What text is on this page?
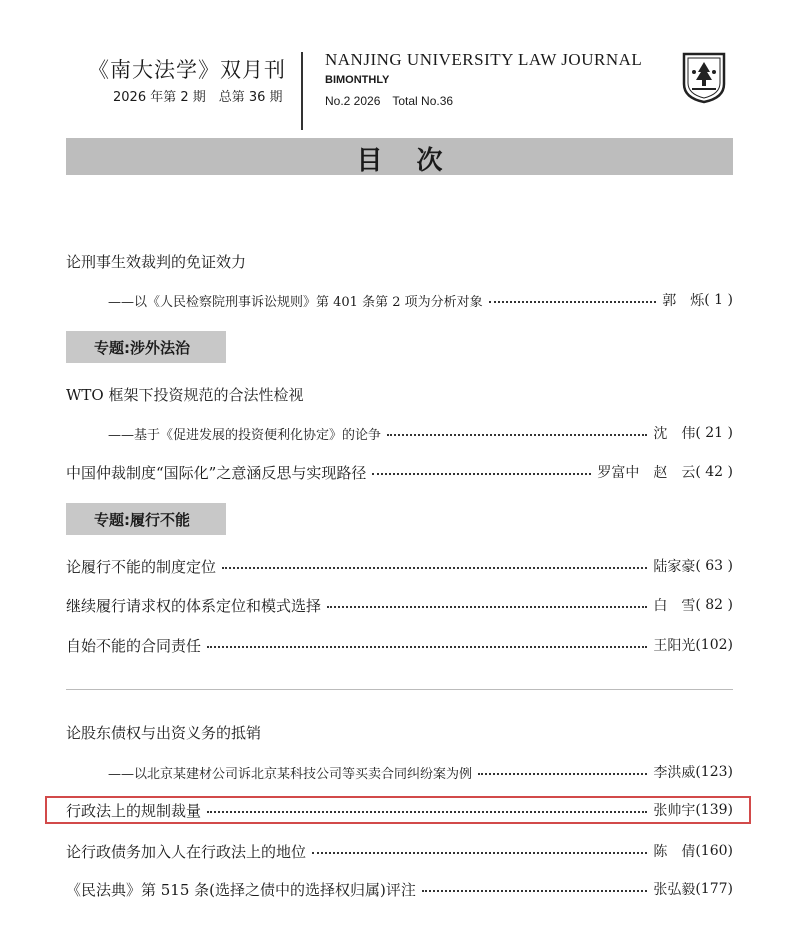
《南大法学》双月刊
2026 年第 2 期　总第 36 期
NANJING UNIVERSITY LAW JOURNAL
BIMONTHLY
No.2 2026　Total No.36
目次
论刑事生效裁判的免证效力
——以《人民检察院刑事诉讼规则》第 401 条第 2 项为分析对象	郭　烁 ( 1 )
专题:涉外法治
WTO 框架下投资规范的合法性检视
——基于《促进发展的投资便利化协定》的论争	沈　伟 ( 21 )
中国仲裁制度“国际化”之意涵反思与实现路径	罗富中　赵　云 ( 42 )
专题:履行不能
论履行不能的制度定位	陆家豪 ( 63 )
继续履行请求权的体系定位和模式选择	白　雪 ( 82 )
自始不能的合同责任	王阳光 (102)
论股东债权与出资义务的抵销
——以北京某建材公司诉北京某科技公司等买卖合同纠纷案为例	李洪威 (123)
行政法上的规制裁量	张帅宇 (139)
论行政债务加入人在行政法上的地位	陈　倩 (160)
《民法典》第 515 条(选择之债中的选择权归属)评注	张弘毅 (177)
